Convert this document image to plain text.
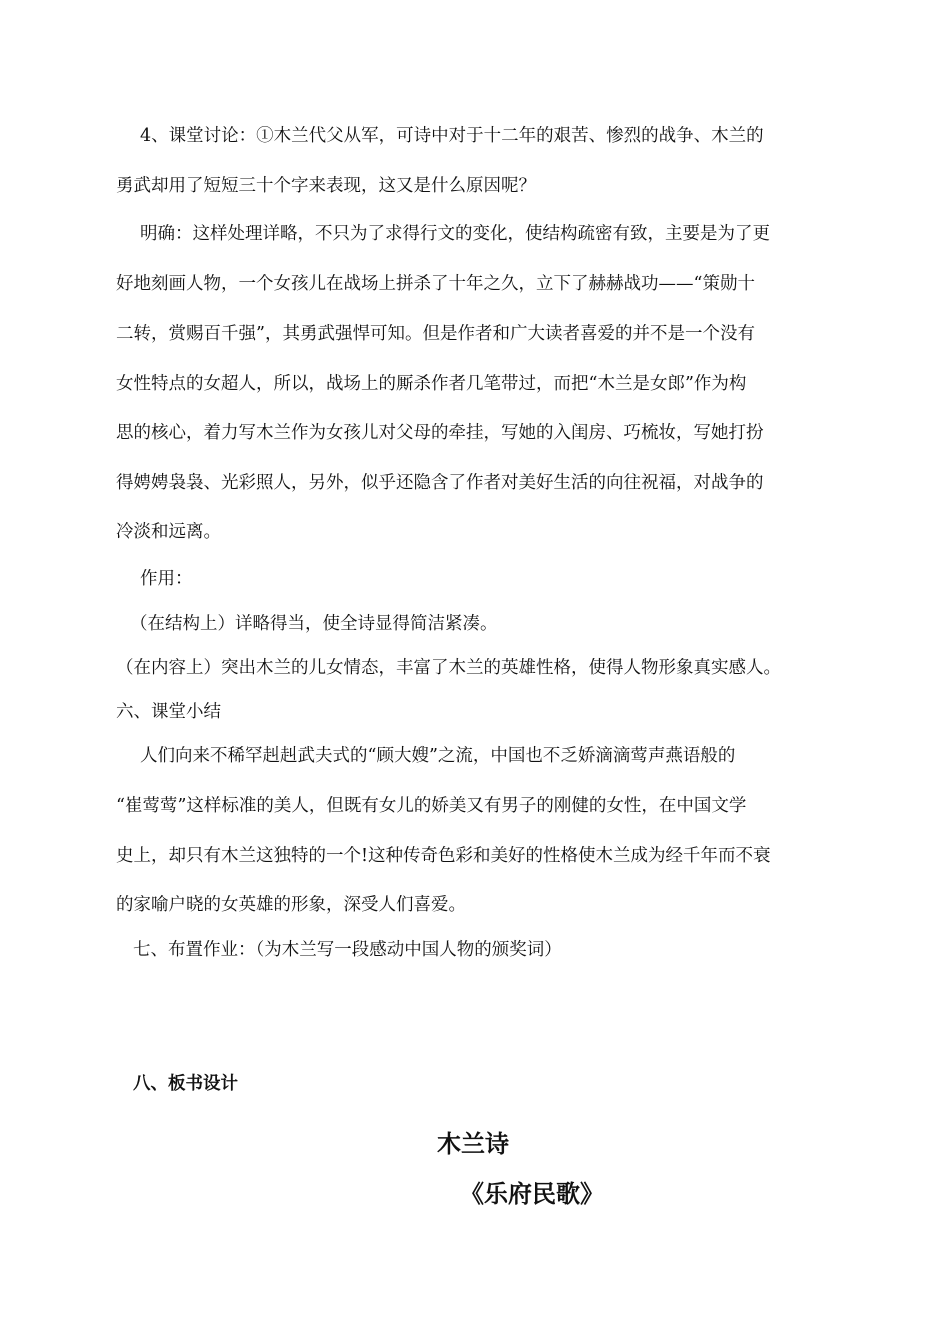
4、课堂讨论：①木兰代父从军，可诗中对于十二年的艰苦、惨烈的战争、木兰的
勇武却用了短短三十个字来表现，这又是什么原因呢？
明确：这样处理详略，不只为了求得行文的变化，使结构疏密有致，主要是为了更
好地刻画人物，一个女孩儿在战场上拼杀了十年之久，立下了赫赫战功——“策勋十
二转，赏赐百千强”，其勇武强悍可知。但是作者和广大读者喜爱的并不是一个没有
女性特点的女超人，所以，战场上的厮杀作者几笔带过，而把“木兰是女郎”作为构
思的核心，着力写木兰作为女孩儿对父母的牵挂，写她的入闺房、巧梳妆，写她打扮
得娉娉袅袅、光彩照人，另外，似乎还隐含了作者对美好生活的向往祝福，对战争的
冷淡和远离。
作用：
（在结构上）详略得当，使全诗显得简洁紧凑。
（在内容上）突出木兰的儿女情态，丰富了木兰的英雄性格，使得人物形象真实感人。
六、课堂小结
人们向来不稀罕赳赳武夫式的“顾大嫂”之流，中国也不乏娇滴滴莺声燕语般的
“崔莺莺”这样标准的美人，但既有女儿的娇美又有男子的刚健的女性，在中国文学
史上，却只有木兰这独特的一个!这种传奇色彩和美好的性格使木兰成为经千年而不衰
的家喻户晓的女英雄的形象，深受人们喜爱。
七、布置作业：（为木兰写一段感动中国人物的颁奖词）
八、板书设计
木兰诗
《乐府民歌》
